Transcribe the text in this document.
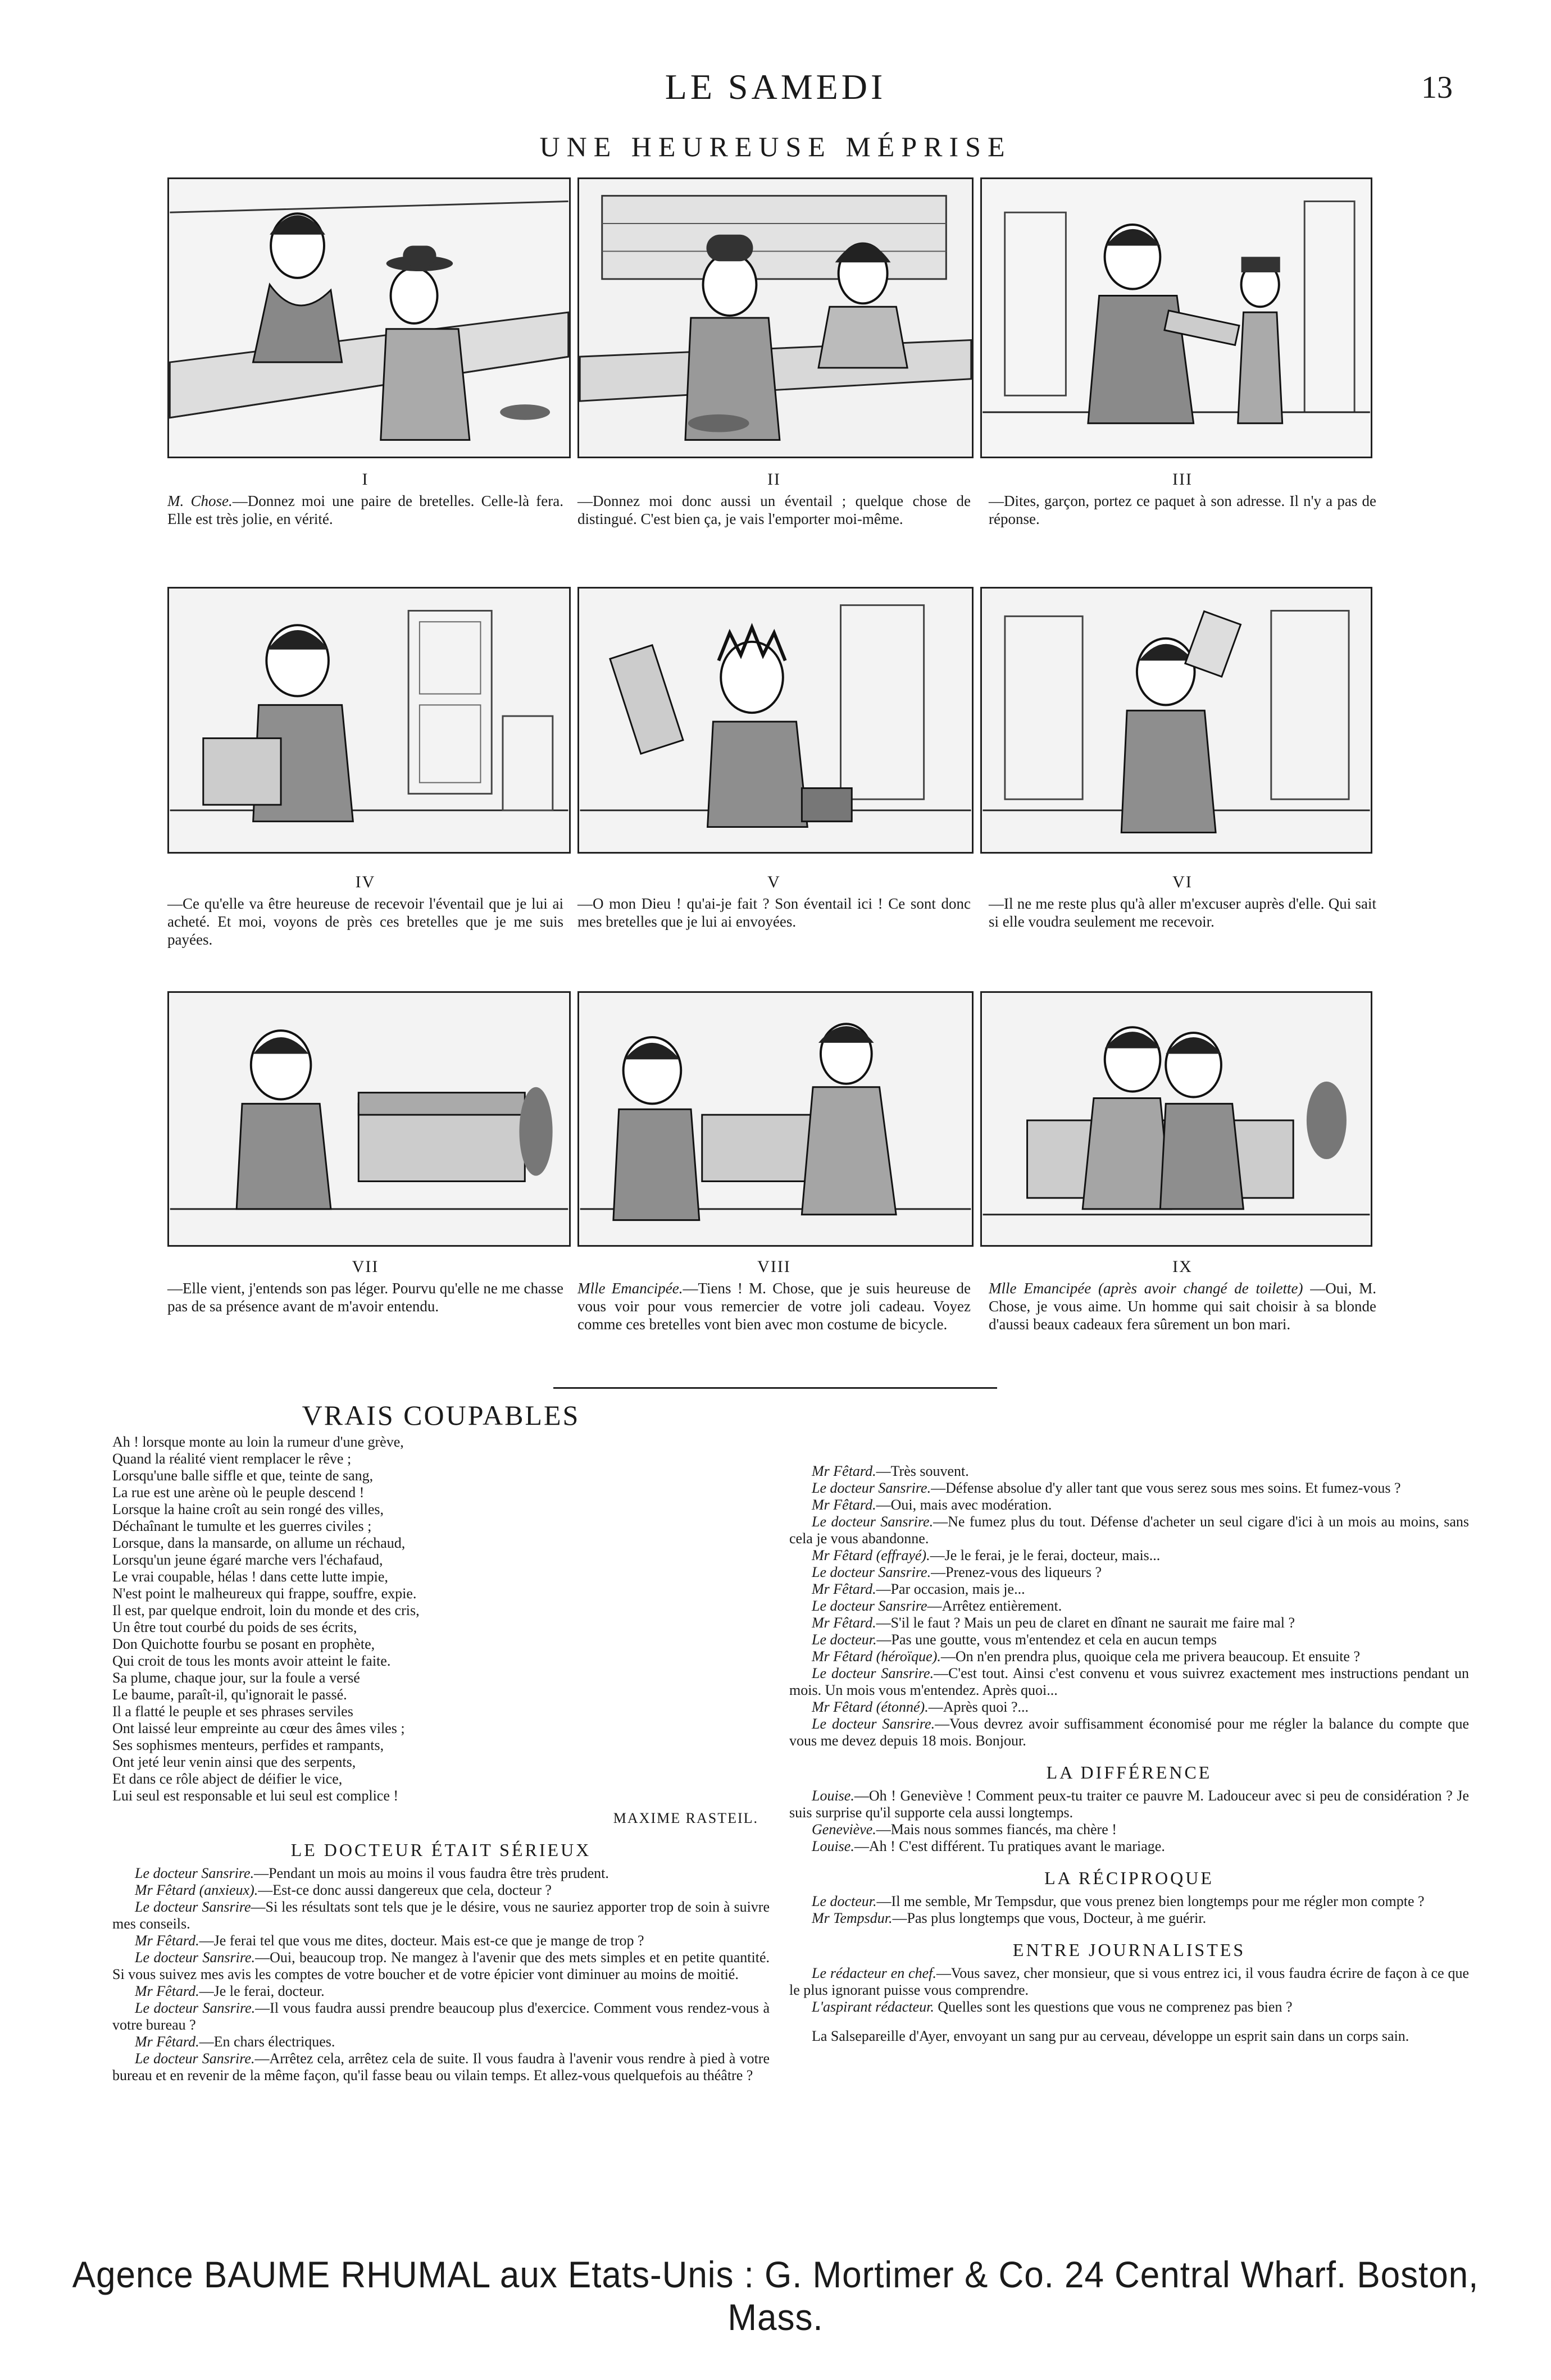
LE SAMEDI	13
UNE HEUREUSE MÉPRISE
I
M. Chose.—Donnez moi une paire de bretelles. Celle-là fera. Elle est très jolie, en vérité.
II
—Donnez moi donc aussi un éventail ; quelque chose de distingué. C'est bien ça, je vais l'emporter moi-même.
III
—Dites, garçon, portez ce paquet à son adresse. Il n'y a pas de réponse.
IV
—Ce qu'elle va être heureuse de recevoir l'éventail que je lui ai acheté. Et moi, voyons de près ces bretelles que je me suis payées.
V
—O mon Dieu ! qu'ai-je fait ? Son éventail ici ! Ce sont donc mes bretelles que je lui ai envoyées.
VI
—Il ne me reste plus qu'à aller m'excuser auprès d'elle. Qui sait si elle voudra seulement me recevoir.
VII
—Elle vient, j'entends son pas léger. Pourvu qu'elle ne me chasse pas de sa présence avant de m'avoir entendu.
VIII
Mlle Emancipée.—Tiens ! M. Chose, que je suis heureuse de vous voir pour vous remercier de votre joli cadeau. Voyez comme ces bretelles vont bien avec mon costume de bicycle.
IX
Mlle Emancipée (après avoir changé de toilette) —Oui, M. Chose, je vous aime. Un homme qui sait choisir à sa blonde d'aussi beaux cadeaux fera sûrement un bon mari.
VRAIS COUPABLES

Ah ! lorsque monte au loin la rumeur d'une grève,

Quand la réalité vient remplacer le rêve ;

Lorsqu'une balle siffle et que, teinte de sang,

La rue est une arène où le peuple descend !

Lorsque la haine croît au sein rongé des villes,

Déchaînant le tumulte et les guerres civiles ;

Lorsque, dans la mansarde, on allume un réchaud,

Lorsqu'un jeune égaré marche vers l'échafaud,

Le vrai coupable, hélas ! dans cette lutte impie,

N'est point le malheureux qui frappe, souffre, expie.

Il est, par quelque endroit, loin du monde et des cris,

Un être tout courbé du poids de ses écrits,

Don Quichotte fourbu se posant en prophète,

Qui croit de tous les monts avoir atteint le faite.

Sa plume, chaque jour, sur la foule a versé

Le baume, paraît-il, qu'ignorait le passé.

Il a flatté le peuple et ses phrases serviles

Ont laissé leur empreinte au cœur des âmes viles ;

Ses sophismes menteurs, perfides et rampants,

Ont jeté leur venin ainsi que des serpents,

Et dans ce rôle abject de déifier le vice,

Lui seul est responsable et lui seul est complice !

MAXIME RASTEIL.
LE DOCTEUR ÉTAIT SÉRIEUX

Le docteur Sansrire.—Pendant un mois au moins il vous faudra être très prudent.

Mr Fêtard (anxieux).—Est-ce donc aussi dangereux que cela, docteur ?

Le docteur Sansrire—Si les résultats sont tels que je le désire, vous ne sauriez apporter trop de soin à suivre mes conseils.

Mr Fêtard.—Je ferai tel que vous me dites, docteur. Mais est-ce que je mange de trop ?

Le docteur Sansrire.—Oui, beaucoup trop. Ne mangez à l'avenir que des mets simples et en petite quantité. Si vous suivez mes avis les comptes de votre boucher et de votre épicier vont diminuer au moins de moitié.

Mr Fêtard.—Je le ferai, docteur.

Le docteur Sansrire.—Il vous faudra aussi prendre beaucoup plus d'exercice. Comment vous rendez-vous à votre bureau ?

Mr Fêtard.—En chars électriques.

Le docteur Sansrire.—Arrêtez cela, arrêtez cela de suite. Il vous faudra à l'avenir vous rendre à pied à votre bureau et en revenir de la même façon, qu'il fasse beau ou vilain temps. Et allez-vous quelquefois au théâtre ?

Mr Fêtard.—Très souvent.

Le docteur Sansrire.—Défense absolue d'y aller tant que vous serez sous mes soins. Et fumez-vous ?

Mr Fêtard.—Oui, mais avec modération.

Le docteur Sansrire.—Ne fumez plus du tout. Défense d'acheter un seul cigare d'ici à un mois au moins, sans cela je vous abandonne.

Mr Fêtard (effrayé).—Je le ferai, je le ferai, docteur, mais...

Le docteur Sansrire.—Prenez-vous des liqueurs ?

Mr Fêtard.—Par occasion, mais je...

Le docteur Sansrire—Arrêtez entièrement.

Mr Fêtard.—S'il le faut ? Mais un peu de claret en dînant ne saurait me faire mal ?

Le docteur.—Pas une goutte, vous m'entendez et cela en aucun temps

Mr Fêtard (héroïque).—On n'en prendra plus, quoique cela me privera beaucoup. Et ensuite ?

Le docteur Sansrire.—C'est tout. Ainsi c'est convenu et vous suivrez exactement mes instructions pendant un mois. Un mois vous m'entendez. Après quoi...

Mr Fêtard (étonné).—Après quoi ?...

Le docteur Sansrire.—Vous devrez avoir suffisamment économisé pour me régler la balance du compte que vous me devez depuis 18 mois. Bonjour.

LA DIFFÉRENCE

Louise.—Oh ! Geneviève ! Comment peux-tu traiter ce pauvre M. Ladouceur avec si peu de considération ? Je suis surprise qu'il supporte cela aussi longtemps.

Geneviève.—Mais nous sommes fiancés, ma chère !

Louise.—Ah ! C'est différent. Tu pratiques avant le mariage.

LA RÉCIPROQUE

Le docteur.—Il me semble, Mr Tempsdur, que vous prenez bien longtemps pour me régler mon compte ?

Mr Tempsdur.—Pas plus longtemps que vous, Docteur, à me guérir.

ENTRE JOURNALISTES

Le rédacteur en chef.—Vous savez, cher monsieur, que si vous entrez ici, il vous faudra écrire de façon à ce que le plus ignorant puisse vous comprendre.

L'aspirant rédacteur. Quelles sont les questions que vous ne comprenez pas bien ?

La Salsepareille d'Ayer, envoyant un sang pur au cerveau, développe un esprit sain dans un corps sain.

Agence BAUME RHUMAL aux Etats-Unis : G. Mortimer & Co. 24 Central Wharf. Boston, Mass.
